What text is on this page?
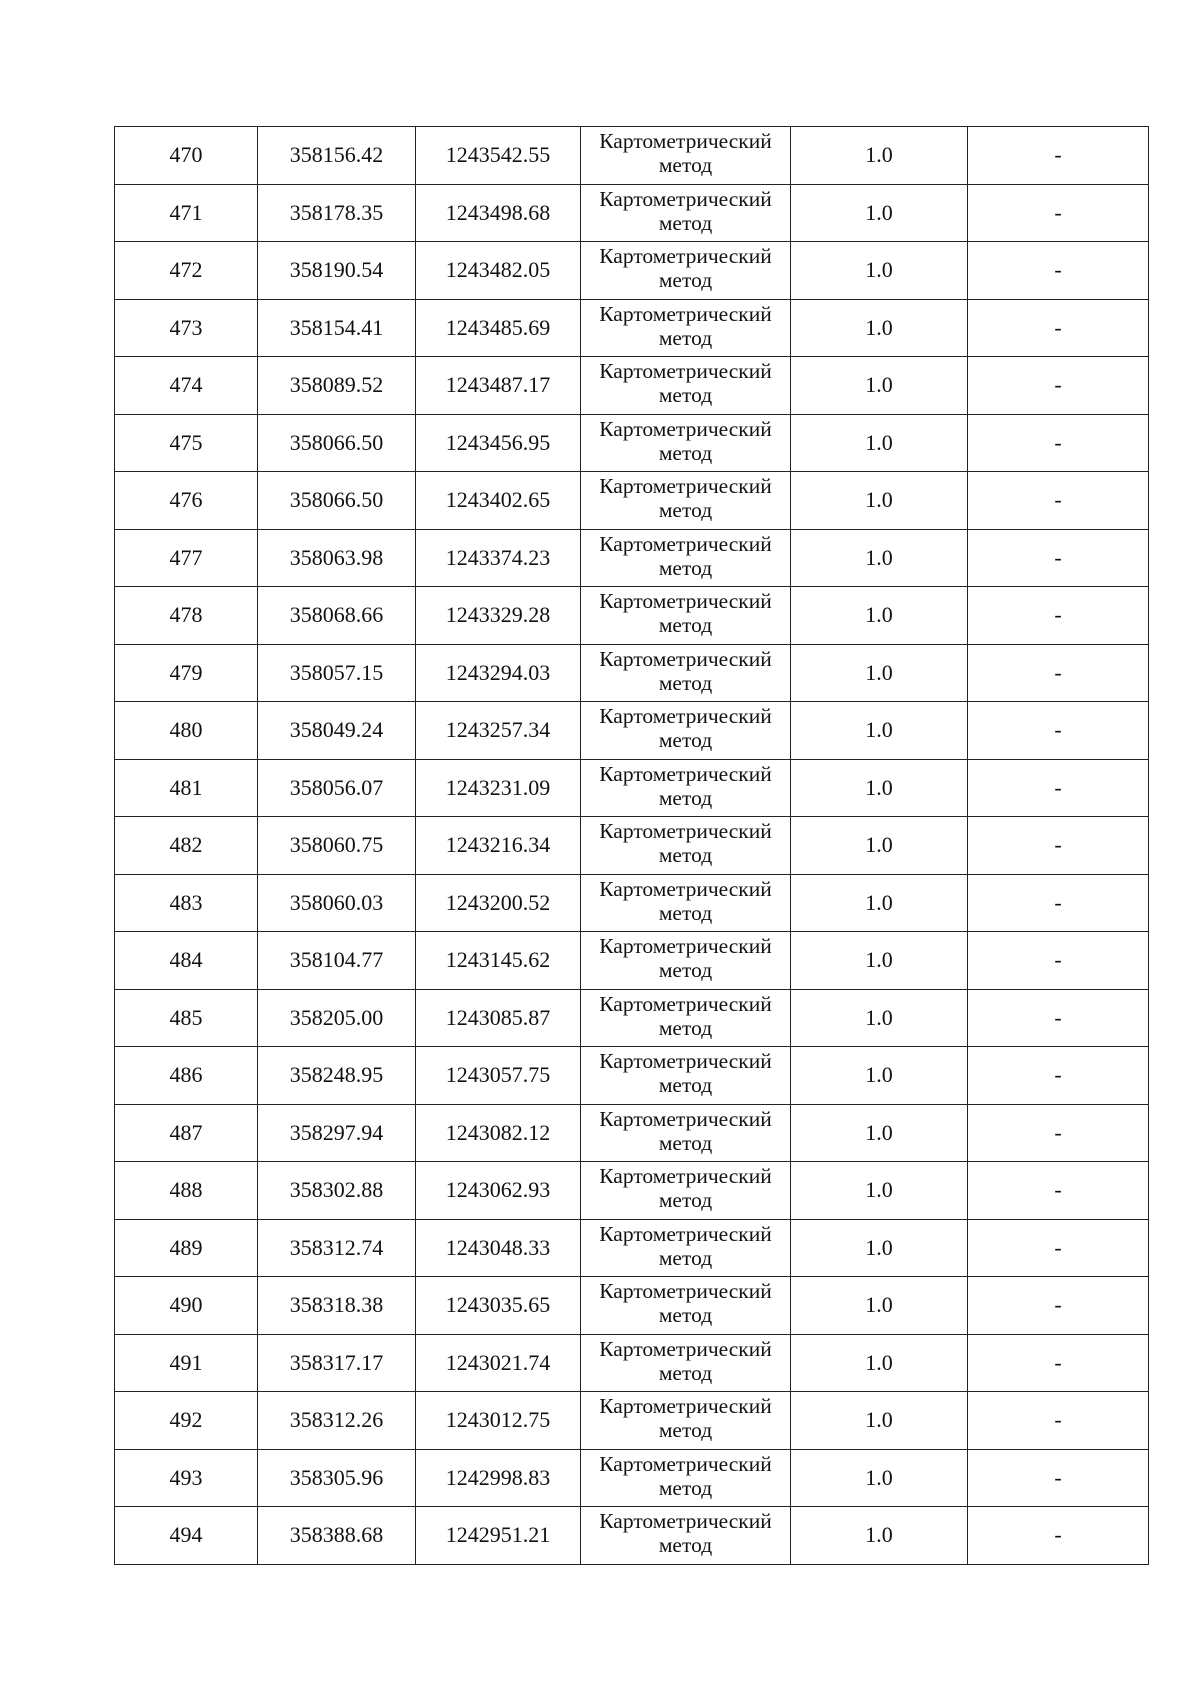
470	358156.42	1243542.55	Картометрический
метод	1.0	-
471	358178.35	1243498.68	Картометрический
метод	1.0	-
472	358190.54	1243482.05	Картометрический
метод	1.0	-
473	358154.41	1243485.69	Картометрический
метод	1.0	-
474	358089.52	1243487.17	Картометрический
метод	1.0	-
475	358066.50	1243456.95	Картометрический
метод	1.0	-
476	358066.50	1243402.65	Картометрический
метод	1.0	-
477	358063.98	1243374.23	Картометрический
метод	1.0	-
478	358068.66	1243329.28	Картометрический
метод	1.0	-
479	358057.15	1243294.03	Картометрический
метод	1.0	-
480	358049.24	1243257.34	Картометрический
метод	1.0	-
481	358056.07	1243231.09	Картометрический
метод	1.0	-
482	358060.75	1243216.34	Картометрический
метод	1.0	-
483	358060.03	1243200.52	Картометрический
метод	1.0	-
484	358104.77	1243145.62	Картометрический
метод	1.0	-
485	358205.00	1243085.87	Картометрический
метод	1.0	-
486	358248.95	1243057.75	Картометрический
метод	1.0	-
487	358297.94	1243082.12	Картометрический
метод	1.0	-
488	358302.88	1243062.93	Картометрический
метод	1.0	-
489	358312.74	1243048.33	Картометрический
метод	1.0	-
490	358318.38	1243035.65	Картометрический
метод	1.0	-
491	358317.17	1243021.74	Картометрический
метод	1.0	-
492	358312.26	1243012.75	Картометрический
метод	1.0	-
493	358305.96	1242998.83	Картометрический
метод	1.0	-
494	358388.68	1242951.21	Картометрический
метод	1.0	-
